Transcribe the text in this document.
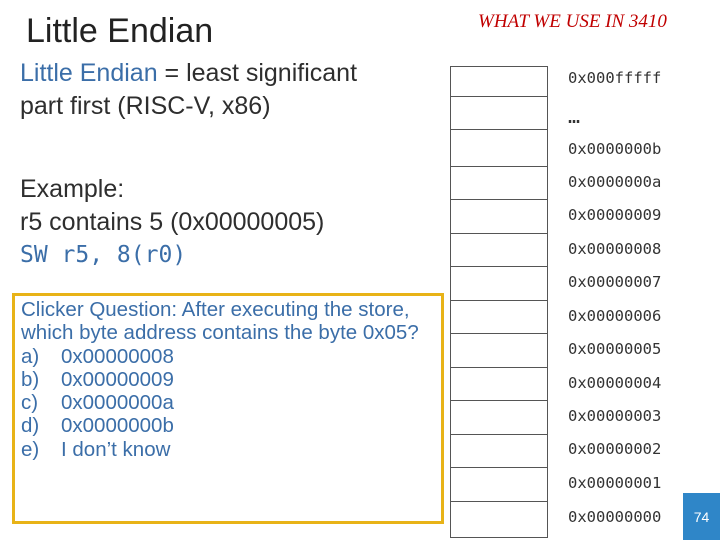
Little Endian	WHAT WE USE IN 3410
Little Endian = least significant
part first (RISC-V, x86)
Example:
r5 contains 5 (0x00000005)
SW r5, 8(r0)
Clicker Question: After executing the store, which byte address contains the byte 0x05?
a)	0x00000008
b)	0x00000009
c)	0x0000000a
d)	0x0000000b
e)	I don’t know
0x000fffff
…
0x0000000b
0x0000000a
0x00000009
0x00000008
0x00000007
0x00000006
0x00000005
0x00000004
0x00000003
0x00000002
0x00000001
0x00000000	74
